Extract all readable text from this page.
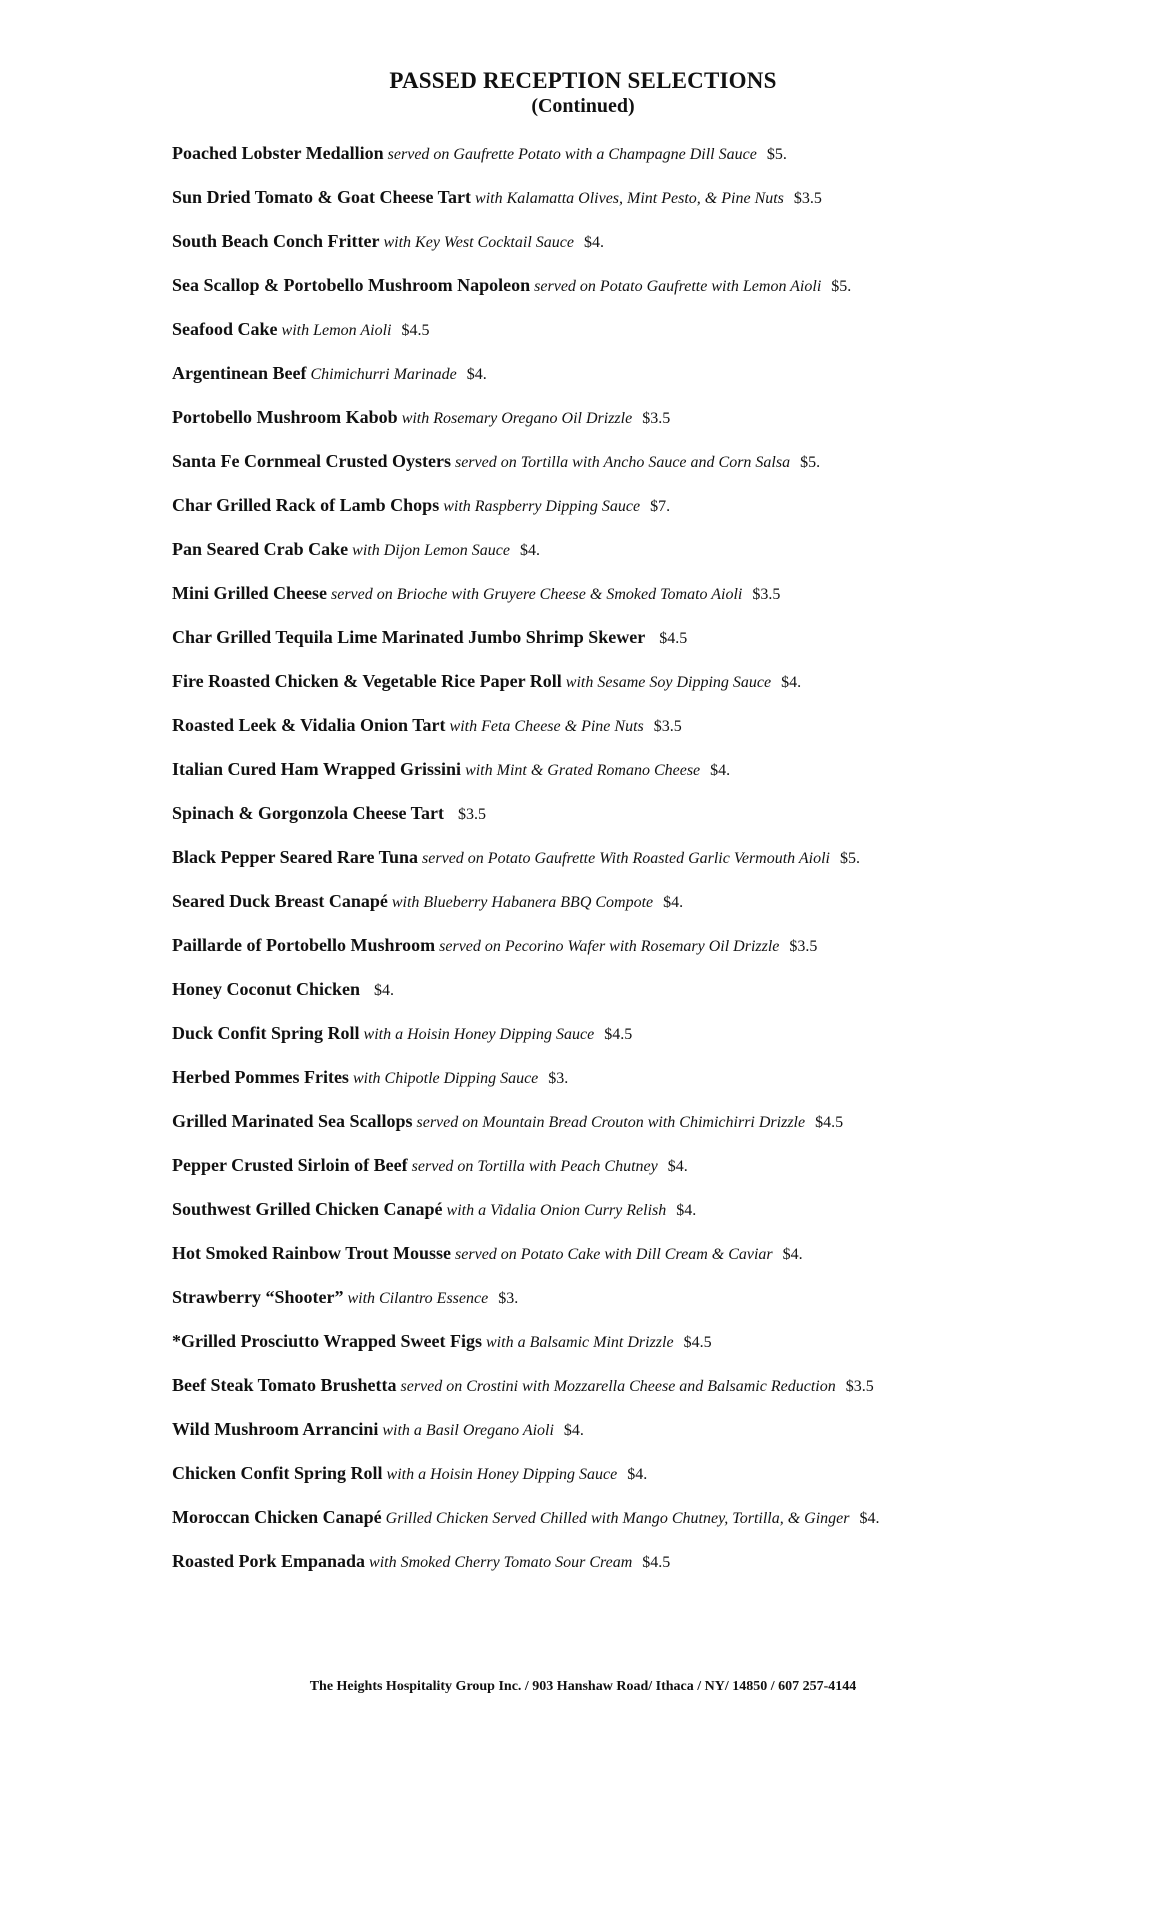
PASSED RECEPTION SELECTIONS
(Continued)
Poached Lobster Medallion served on Gaufrette Potato with a Champagne Dill Sauce $5.
Sun Dried Tomato & Goat Cheese Tart with Kalamatta Olives, Mint Pesto, & Pine Nuts $3.5
South Beach Conch Fritter with Key West Cocktail Sauce $4.
Sea Scallop & Portobello Mushroom Napoleon served on Potato Gaufrette with Lemon Aioli $5.
Seafood Cake with Lemon Aioli $4.5
Argentinean Beef Chimichurri Marinade $4.
Portobello Mushroom Kabob with Rosemary Oregano Oil Drizzle $3.5
Santa Fe Cornmeal Crusted Oysters served on Tortilla with Ancho Sauce and Corn Salsa $5.
Char Grilled Rack of Lamb Chops with Raspberry Dipping Sauce $7.
Pan Seared Crab Cake with Dijon Lemon Sauce $4.
Mini Grilled Cheese served on Brioche with Gruyere Cheese & Smoked Tomato Aioli $3.5
Char Grilled Tequila Lime Marinated Jumbo Shrimp Skewer $4.5
Fire Roasted Chicken & Vegetable Rice Paper Roll with Sesame Soy Dipping Sauce $4.
Roasted Leek & Vidalia Onion Tart with Feta Cheese & Pine Nuts $3.5
Italian Cured Ham Wrapped Grissini with Mint & Grated Romano Cheese $4.
Spinach & Gorgonzola Cheese Tart $3.5
Black Pepper Seared Rare Tuna served on Potato Gaufrette With Roasted Garlic Vermouth Aioli $5.
Seared Duck Breast Canapé with Blueberry Habanera BBQ Compote $4.
Paillarde of Portobello Mushroom served on Pecorino Wafer with Rosemary Oil Drizzle $3.5
Honey Coconut Chicken $4.
Duck Confit Spring Roll with a Hoisin Honey Dipping Sauce $4.5
Herbed Pommes Frites with Chipotle Dipping Sauce $3.
Grilled Marinated Sea Scallops served on Mountain Bread Crouton with Chimichirri Drizzle $4.5
Pepper Crusted Sirloin of Beef served on Tortilla with Peach Chutney $4.
Southwest Grilled Chicken Canapé with a Vidalia Onion Curry Relish $4.
Hot Smoked Rainbow Trout Mousse served on Potato Cake with Dill Cream & Caviar $4.
Strawberry “Shooter” with Cilantro Essence $3.
*Grilled Prosciutto Wrapped Sweet Figs with a Balsamic Mint Drizzle $4.5
Beef Steak Tomato Brushetta served on Crostini with Mozzarella Cheese and Balsamic Reduction $3.5
Wild Mushroom Arrancini with a Basil Oregano Aioli $4.
Chicken Confit Spring Roll with a Hoisin Honey Dipping Sauce $4.
Moroccan Chicken Canapé Grilled Chicken Served Chilled with Mango Chutney, Tortilla, & Ginger $4.
Roasted Pork Empanada with Smoked Cherry Tomato Sour Cream $4.5
The Heights Hospitality Group Inc. / 903 Hanshaw Road/ Ithaca / NY/ 14850 / 607 257-4144
